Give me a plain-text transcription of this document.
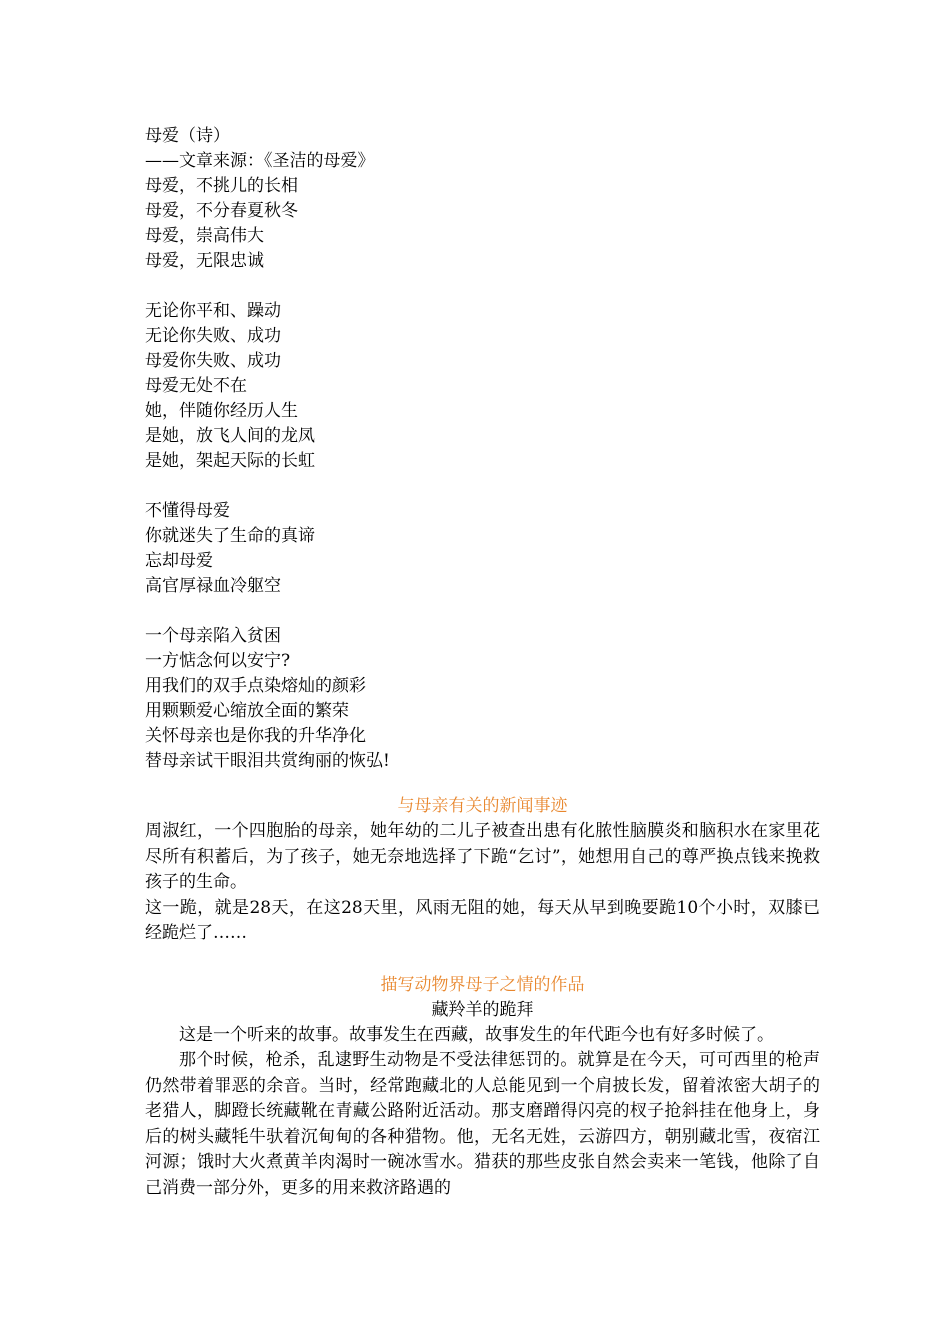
母爱（诗）
——文章来源：《圣洁的母爱》
母爱，不挑儿的长相
母爱，不分春夏秋冬
母爱，崇高伟大
母爱，无限忠诚
无论你平和、躁动
无论你失败、成功
母爱你失败、成功
母爱无处不在
她，伴随你经历人生
是她，放飞人间的龙凤
是她，架起天际的长虹
不懂得母爱
你就迷失了生命的真谛
忘却母爱
高官厚禄血冷躯空
一个母亲陷入贫困
一方惦念何以安宁?
用我们的双手点染熔灿的颜彩
用颗颗爱心缩放全面的繁荣
关怀母亲也是你我的升华净化
替母亲试干眼泪共赏绚丽的恢弘!
与母亲有关的新闻事迹
周淑红，一个四胞胎的母亲，她年幼的二儿子被查出患有化脓性脑膜炎和脑积水在家里花尽所有积蓄后，为了孩子，她无奈地选择了下跪“乞讨”，她想用自己的尊严换点钱来挽救孩子的生命。
这一跪，就是28天，在这28天里，风雨无阻的她，每天从早到晚要跪10个小时，双膝已经跪烂了……
描写动物界母子之情的作品
藏羚羊的跪拜
这是一个听来的故事。故事发生在西藏，故事发生的年代距今也有好多时候了。
那个时候，枪杀，乱逮野生动物是不受法律惩罚的。就算是在今天，可可西里的枪声仍然带着罪恶的余音。当时，经常跑藏北的人总能见到一个肩披长发，留着浓密大胡子的老猎人，脚蹬长统藏靴在青藏公路附近活动。那支磨蹭得闪亮的杈子抢斜挂在他身上，身后的树头藏牦牛驮着沉甸甸的各种猎物。他，无名无姓，云游四方，朝别藏北雪，夜宿江河源；饿时大火煮黄羊肉渴时一碗冰雪水。猎获的那些皮张自然会卖来一笔钱，他除了自己消费一部分外，更多的用来救济路遇的
